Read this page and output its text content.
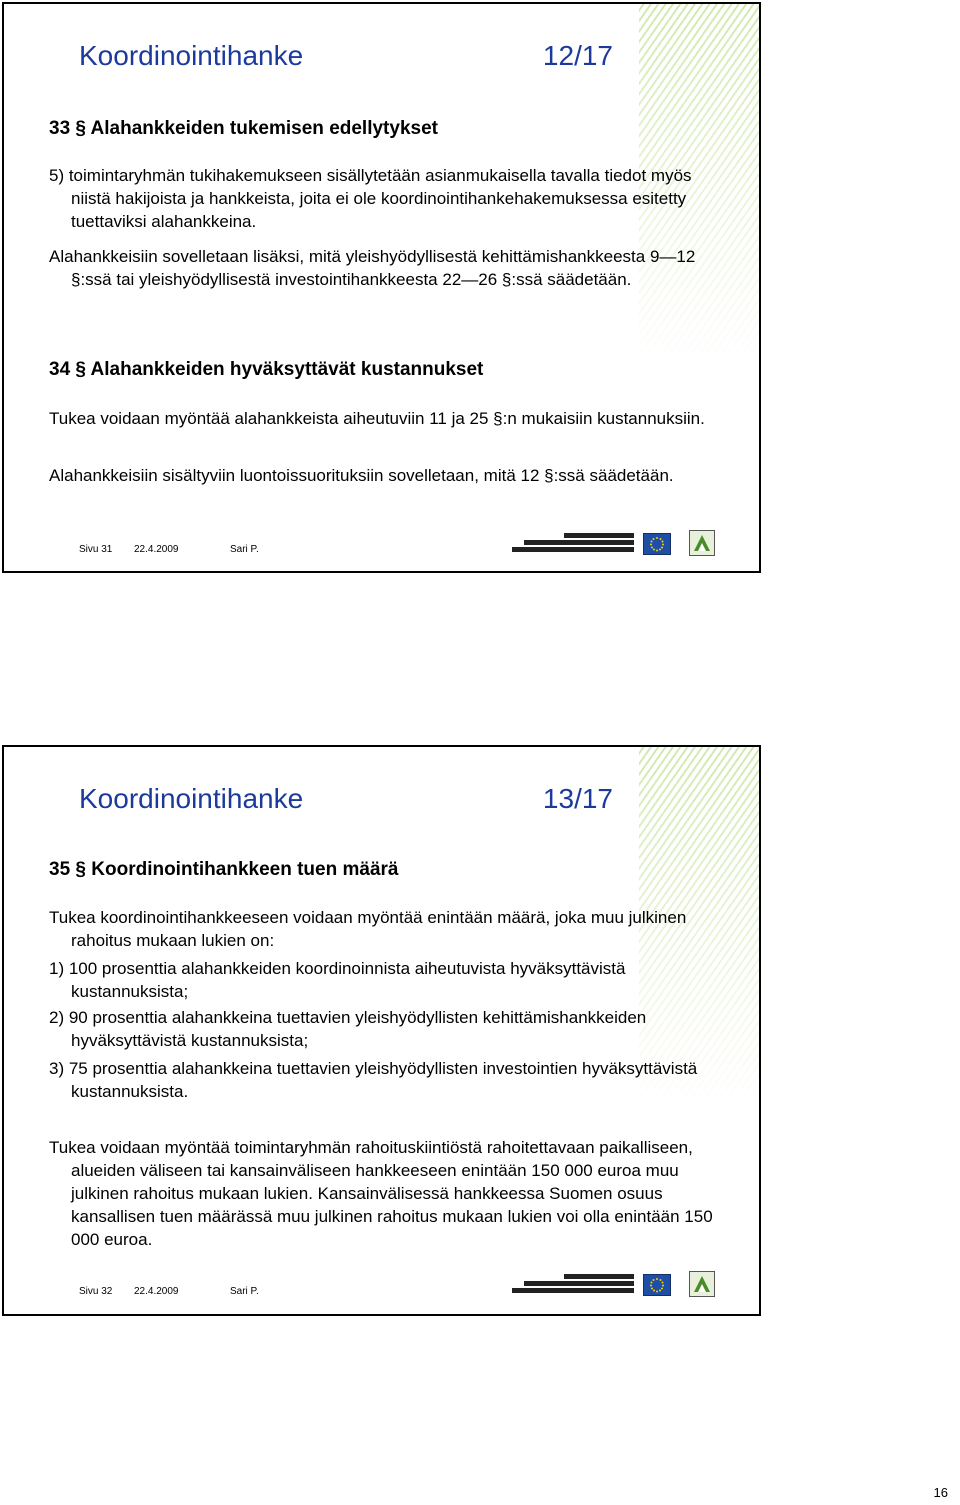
Koordinointihanke	12/17
33 § Alahankkeiden tukemisen edellytykset
5) toimintaryhmän tukihakemukseen sisällytetään asianmukaisella tavalla tiedot myös niistä hakijoista ja hankkeista, joita ei ole koordinointihankehakemuksessa esitetty tuettaviksi alahankkeina.
Alahankkeisiin sovelletaan lisäksi, mitä yleishyödyllisestä kehittämishankkeesta 9—12 §:ssä tai yleishyödyllisestä investointihankkeesta 22—26 §:ssä säädetään.
34 § Alahankkeiden hyväksyttävät kustannukset
Tukea voidaan myöntää alahankkeista aiheutuviin 11 ja 25 §:n mukaisiin kustannuksiin.
Alahankkeisiin sisältyviin luontoissuorituksiin sovelletaan, mitä 12 §:ssä säädetään.
Sivu 31 22.4.2009	Sari P.
Koordinointihanke	13/17
35 § Koordinointihankkeen tuen määrä
Tukea koordinointihankkeeseen voidaan myöntää enintään määrä, joka muu julkinen rahoitus mukaan lukien on:
1) 100 prosenttia alahankkeiden koordinoinnista aiheutuvista hyväksyttävistä kustannuksista;
2) 90 prosenttia alahankkeina tuettavien yleishyödyllisten kehittämishankkeiden hyväksyttävistä kustannuksista;
3) 75 prosenttia alahankkeina tuettavien yleishyödyllisten investointien hyväksyttävistä kustannuksista.
Tukea voidaan myöntää toimintaryhmän rahoituskiintiöstä rahoitettavaan paikalliseen, alueiden väliseen tai kansainväliseen hankkeeseen enintään 150 000 euroa muu julkinen rahoitus mukaan lukien. Kansainvälisessä hankkeessa Suomen osuus kansallisen tuen määrässä muu julkinen rahoitus mukaan lukien voi olla enintään 150 000 euroa.
Sivu 32 22.4.2009	Sari P.
16
